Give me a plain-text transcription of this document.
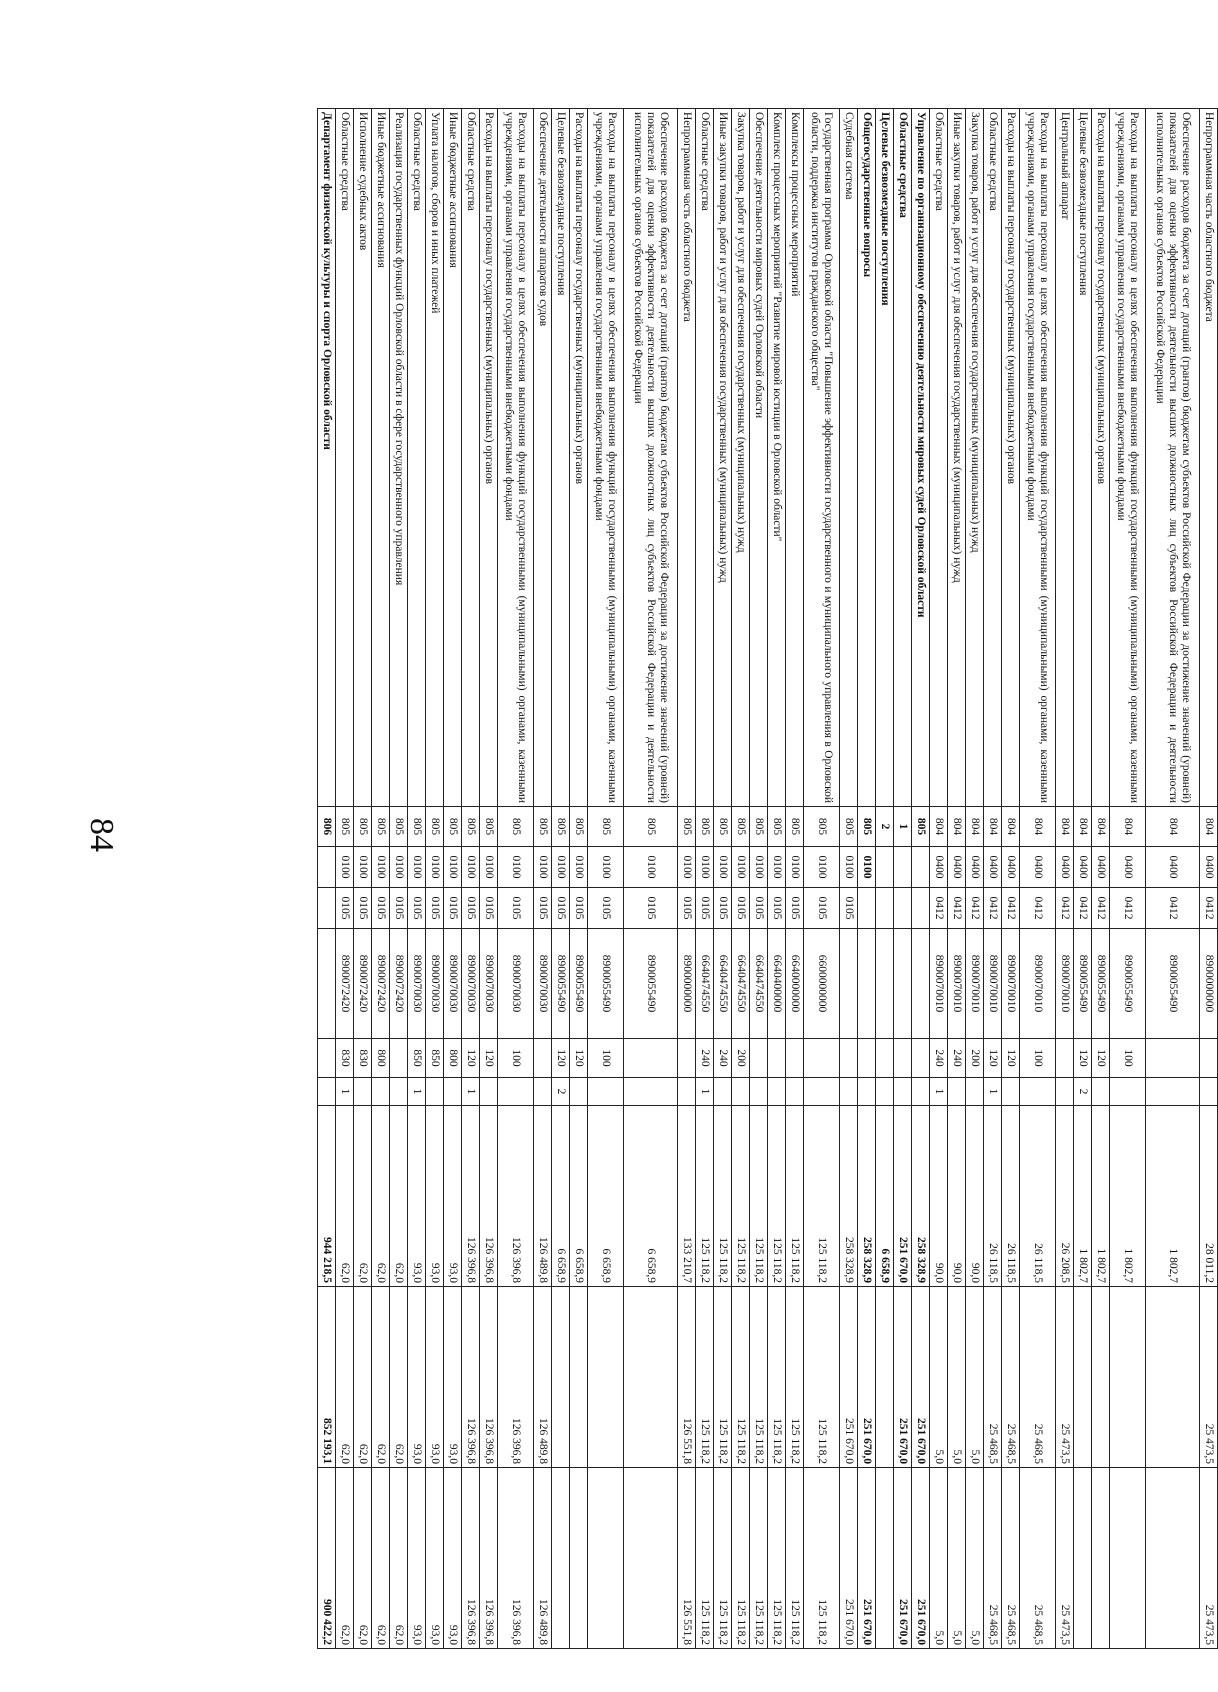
84
Непрограммная часть областного бюджета	804	0400	0412	8900000000			28 011,2	25 473,5	25 473,5
Обеспечение расходов бюджета за счет дотаций (грантов) бюджетам субъектов Российской Федерации за достижение значений (уровней) показателей для оценки эффективности деятельности высших должностных лиц субъектов Российской Федерации и деятельности исполнительных органов субъектов Российской Федерации	804	0400	0412	8900055490			1 802,7		
Расходы на выплаты персоналу в целях обеспечения выполнения функций государственными (муниципальными) органами, казенными учреждениями, органами управления государственными внебюджетными фондами	804	0400	0412	8900055490	100		1 802,7		
Расходы на выплаты персоналу государственных (муниципальных) органов	804	0400	0412	8900055490	120		1 802,7		
Целевые безвозмездные поступления	804	0400	0412	8900055490	120	2	1 802,7		
Центральный аппарат	804	0400	0412	8900070010			26 208,5	25 473,5	25 473,5
Расходы на выплаты персоналу в целях обеспечения выполнения функций государственными (муниципальными) органами, казенными учреждениями, органами управления государственными внебюджетными фондами	804	0400	0412	8900070010	100		26 118,5	25 468,5	25 468,5
Расходы на выплаты персоналу государственных (муниципальных) органов	804	0400	0412	8900070010	120		26 118,5	25 468,5	25 468,5
Областные средства	804	0400	0412	8900070010	120	1	26 118,5	25 468,5	25 468,5
Закупка товаров, работ и услуг для обеспечения государственных (муниципальных) нужд	804	0400	0412	8900070010	200		90,0	5,0	5,0
Иные закупки товаров, работ и услуг для обеспечения государственных (муниципальных) нужд	804	0400	0412	8900070010	240		90,0	5,0	5,0
Областные средства	804	0400	0412	8900070010	240	1	90,0	5,0	5,0
Управление по организационному обеспечению деятельности мировых судей Орловской области	805						258 328,9	251 670,0	251 670,0
Областные средства	1						251 670,0	251 670,0	251 670,0
Целевые безвозмездные поступления	2						6 658,9		
Общегосударственные вопросы	805	0100					258 328,9	251 670,0	251 670,0
Судебная система	805	0100	0105				258 328,9	251 670,0	251 670,0
Государственная программа Орловской области "Повышение эффективности государственного и муниципального управления в Орловской области, поддержка институтов гражданского общества"	805	0100	0105	6600000000			125 118,2	125 118,2	125 118,2
Комплексы процессных мероприятий	805	0100	0105	6640000000			125 118,2	125 118,2	125 118,2
Комплекс процессных мероприятий "Развитие мировой юстиции в Орловской области"	805	0100	0105	6640400000			125 118,2	125 118,2	125 118,2
Обеспечение деятельности мировых судей Орловской области	805	0100	0105	6640474550			125 118,2	125 118,2	125 118,2
Закупка товаров, работ и услуг для обеспечения государственных (муниципальных) нужд	805	0100	0105	6640474550	200		125 118,2	125 118,2	125 118,2
Иные закупки товаров, работ и услуг для обеспечения государственных (муниципальных) нужд	805	0100	0105	6640474550	240		125 118,2	125 118,2	125 118,2
Областные средства	805	0100	0105	6640474550	240	1	125 118,2	125 118,2	125 118,2
Непрограммная часть областного бюджета	805	0100	0105	8900000000			133 210,7	126 551,8	126 551,8
Обеспечение расходов бюджета за счет дотаций (грантов) бюджетам субъектов Российской Федерации за достижение значений (уровней) показателей для оценки эффективности деятельности высших должностных лиц субъектов Российской Федерации и деятельности исполнительных органов субъектов Российской Федерации	805	0100	0105	8900055490			6 658,9		
Расходы на выплаты персоналу в целях обеспечения выполнения функций государственными (муниципальными) органами, казенными учреждениями, органами управления государственными внебюджетными фондами	805	0100	0105	8900055490	100		6 658,9		
Расходы на выплаты персоналу государственных (муниципальных) органов	805	0100	0105	8900055490	120		6 658,9		
Целевые безвозмездные поступления	805	0100	0105	8900055490	120	2	6 658,9		
Обеспечение деятельности аппаратов судов	805	0100	0105	8900070030			126 489,8	126 489,8	126 489,8
Расходы на выплаты персоналу в целях обеспечения выполнения функций государственными (муниципальными) органами, казенными учреждениями, органами управления государственными внебюджетными фондами	805	0100	0105	8900070030	100		126 396,8	126 396,8	126 396,8
Расходы на выплаты персоналу государственных (муниципальных) органов	805	0100	0105	8900070030	120		126 396,8	126 396,8	126 396,8
Областные средства	805	0100	0105	8900070030	120	1	126 396,8	126 396,8	126 396,8
Иные бюджетные ассигнования	805	0100	0105	8900070030	800		93,0	93,0	93,0
Уплата налогов, сборов и иных платежей	805	0100	0105	8900070030	850		93,0	93,0	93,0
Областные средства	805	0100	0105	8900070030	850	1	93,0	93,0	93,0
Реализация государственных функций Орловской области в сфере государственного управления	805	0100	0105	8900072420			62,0	62,0	62,0
Иные бюджетные ассигнования	805	0100	0105	8900072420	800		62,0	62,0	62,0
Исполнение судебных актов	805	0100	0105	8900072420	830		62,0	62,0	62,0
Областные средства	805	0100	0105	8900072420	830	1	62,0	62,0	62,0
Департамент физической культуры и спорта Орловской области	806						944 218,5	852 193,1	900 422,2
